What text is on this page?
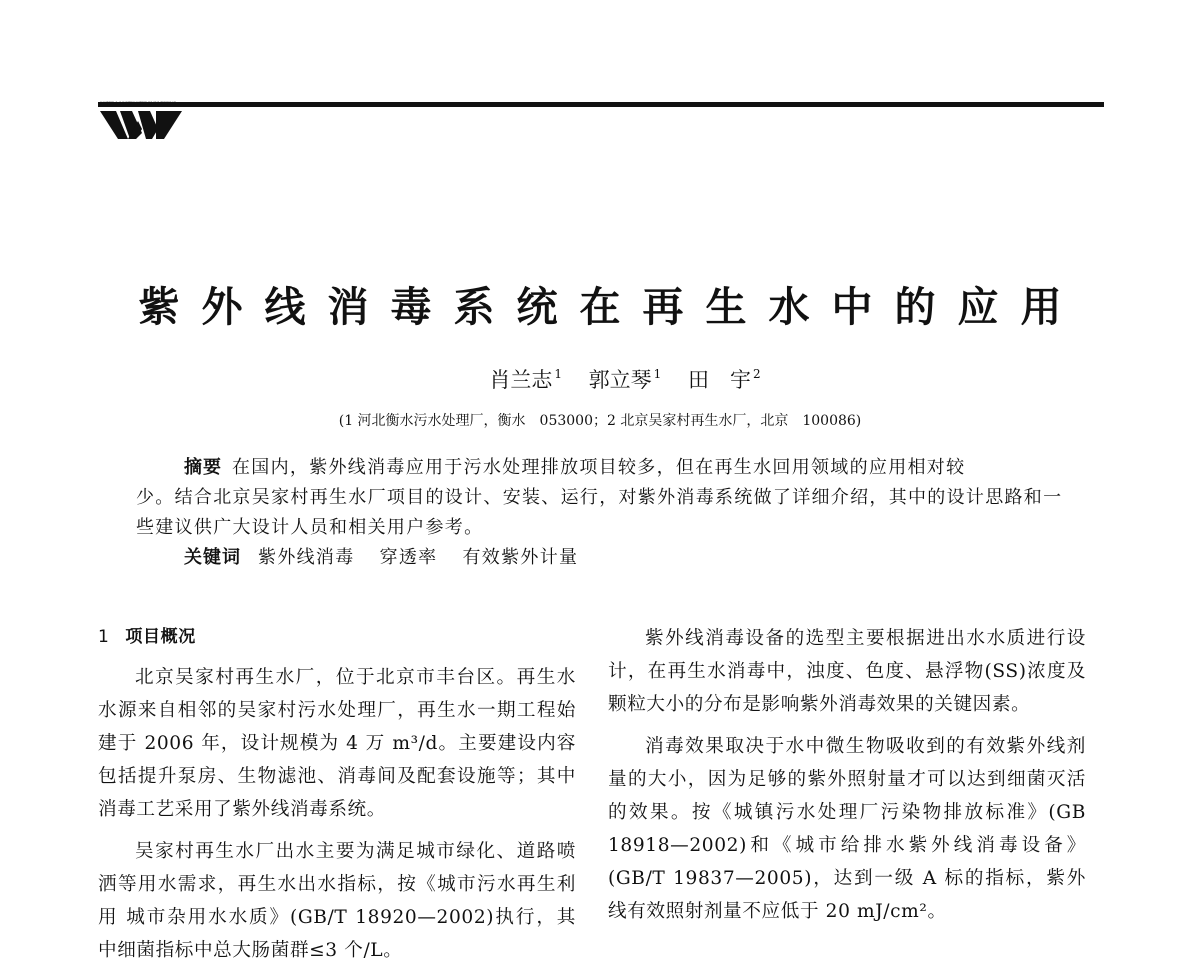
紫外线消毒系统在再生水中的应用
肖兰志 $^1$ 郭立琴 $^1$ 田　宇 $^2$
(1 河北衡水污水处理厂，衡水　053000；2 北京吴家村再生水厂，北京　100086)

摘要 在国内，紫外线消毒应用于污水处理排放项目较多，但在再生水回用领域的应用相对较

少。结合北京吴家村再生水厂项目的设计、安装、运行，对紫外消毒系统做了详细介绍，其中的设计思路和一些建议供广大设计人员和相关用户参考。

关键词 紫外线消毒 穿透率 有效紫外计量

1 项目概况

北京吴家村再生水厂，位于北京市丰台区。再生水水源来自相邻的吴家村污水处理厂，再生水一期工程始建于 2006 年，设计规模为 4 万 m³/d。主要建设内容包括提升泵房、生物滤池、消毒间及配套设施等；其中消毒工艺采用了紫外线消毒系统。

吴家村再生水厂出水主要为满足城市绿化、道路喷洒等用水需求，再生水出水指标，按《城市污水再生利用 城市杂用水水质》(GB/T 18920—2002)执行，其中细菌指标中总大肠菌群≤3 个/L。

紫外线消毒设备的选型主要根据进出水水质进行设计，在再生水消毒中，浊度、色度、悬浮物(SS)浓度及颗粒大小的分布是影响紫外消毒效果的关键因素。

消毒效果取决于水中微生物吸收到的有效紫外线剂量的大小，因为足够的紫外照射量才可以达到细菌灭活的效果。按《城镇污水处理厂污染物排放标准》(GB 18918—2002)和《城市给排水紫外线消毒设备》(GB/T 19837—2005)，达到一级 A 标的指标，紫外线有效照射剂量不应低于 20 mJ/cm²。
